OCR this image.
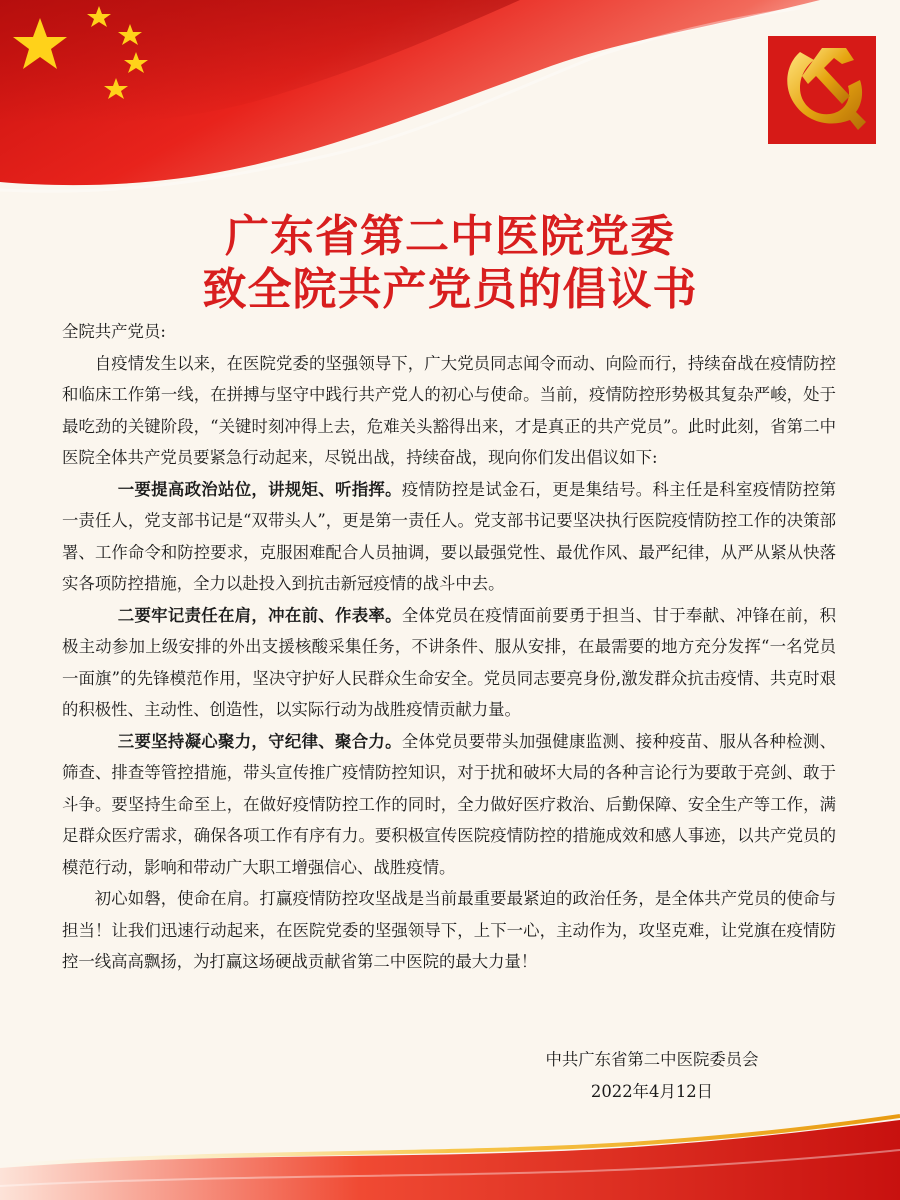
广东省第二中医院党委
致全院共产党员的倡议书

全院共产党员:

自疫情发生以来，在医院党委的坚强领导下，广大党员同志闻令而动、向险而行，持续奋战在疫情防控和临床工作第一线，在拼搏与坚守中践行共产党人的初心与使命。当前，疫情防控形势极其复杂严峻，处于最吃劲的关键阶段，“关键时刻冲得上去，危难关头豁得出来，才是真正的共产党员”。此时此刻，省第二中医院全体共产党员要紧急行动起来，尽锐出战，持续奋战，现向你们发出倡议如下:

一要提高政治站位，讲规矩、听指挥。疫情防控是试金石，更是集结号。科主任是科室疫情防控第一责任人，党支部书记是“双带头人”，更是第一责任人。党支部书记要坚决执行医院疫情防控工作的决策部署、工作命令和防控要求，克服困难配合人员抽调，要以最强党性、最优作风、最严纪律，从严从紧从快落实各项防控措施，全力以赴投入到抗击新冠疫情的战斗中去。

二要牢记责任在肩，冲在前、作表率。全体党员在疫情面前要勇于担当、甘于奉献、冲锋在前，积极主动参加上级安排的外出支援核酸采集任务，不讲条件、服从安排，在最需要的地方充分发挥“一名党员一面旗”的先锋模范作用，坚决守护好人民群众生命安全。党员同志要亮身份,激发群众抗击疫情、共克时艰的积极性、主动性、创造性，以实际行动为战胜疫情贡献力量。

三要坚持凝心聚力，守纪律、聚合力。全体党员要带头加强健康监测、接种疫苗、服从各种检测、筛查、排查等管控措施，带头宣传推广疫情防控知识，对于扰和破坏大局的各种言论行为要敢于亮剑、敢于斗争。要坚持生命至上，在做好疫情防控工作的同时，全力做好医疗救治、后勤保障、安全生产等工作，满足群众医疗需求，确保各项工作有序有力。要积极宣传医院疫情防控的措施成效和感人事迹，以共产党员的模范行动，影响和带动广大职工增强信心、战胜疫情。

初心如磐，使命在肩。打赢疫情防控攻坚战是当前最重要最紧迫的政治任务，是全体共产党员的使命与担当！让我们迅速行动起来，在医院党委的坚强领导下，上下一心，主动作为，攻坚克难，让党旗在疫情防控一线高高飘扬，为打赢这场硬战贡献省第二中医院的最大力量！

中共广东省第二中医院委员会
2022年4月12日
